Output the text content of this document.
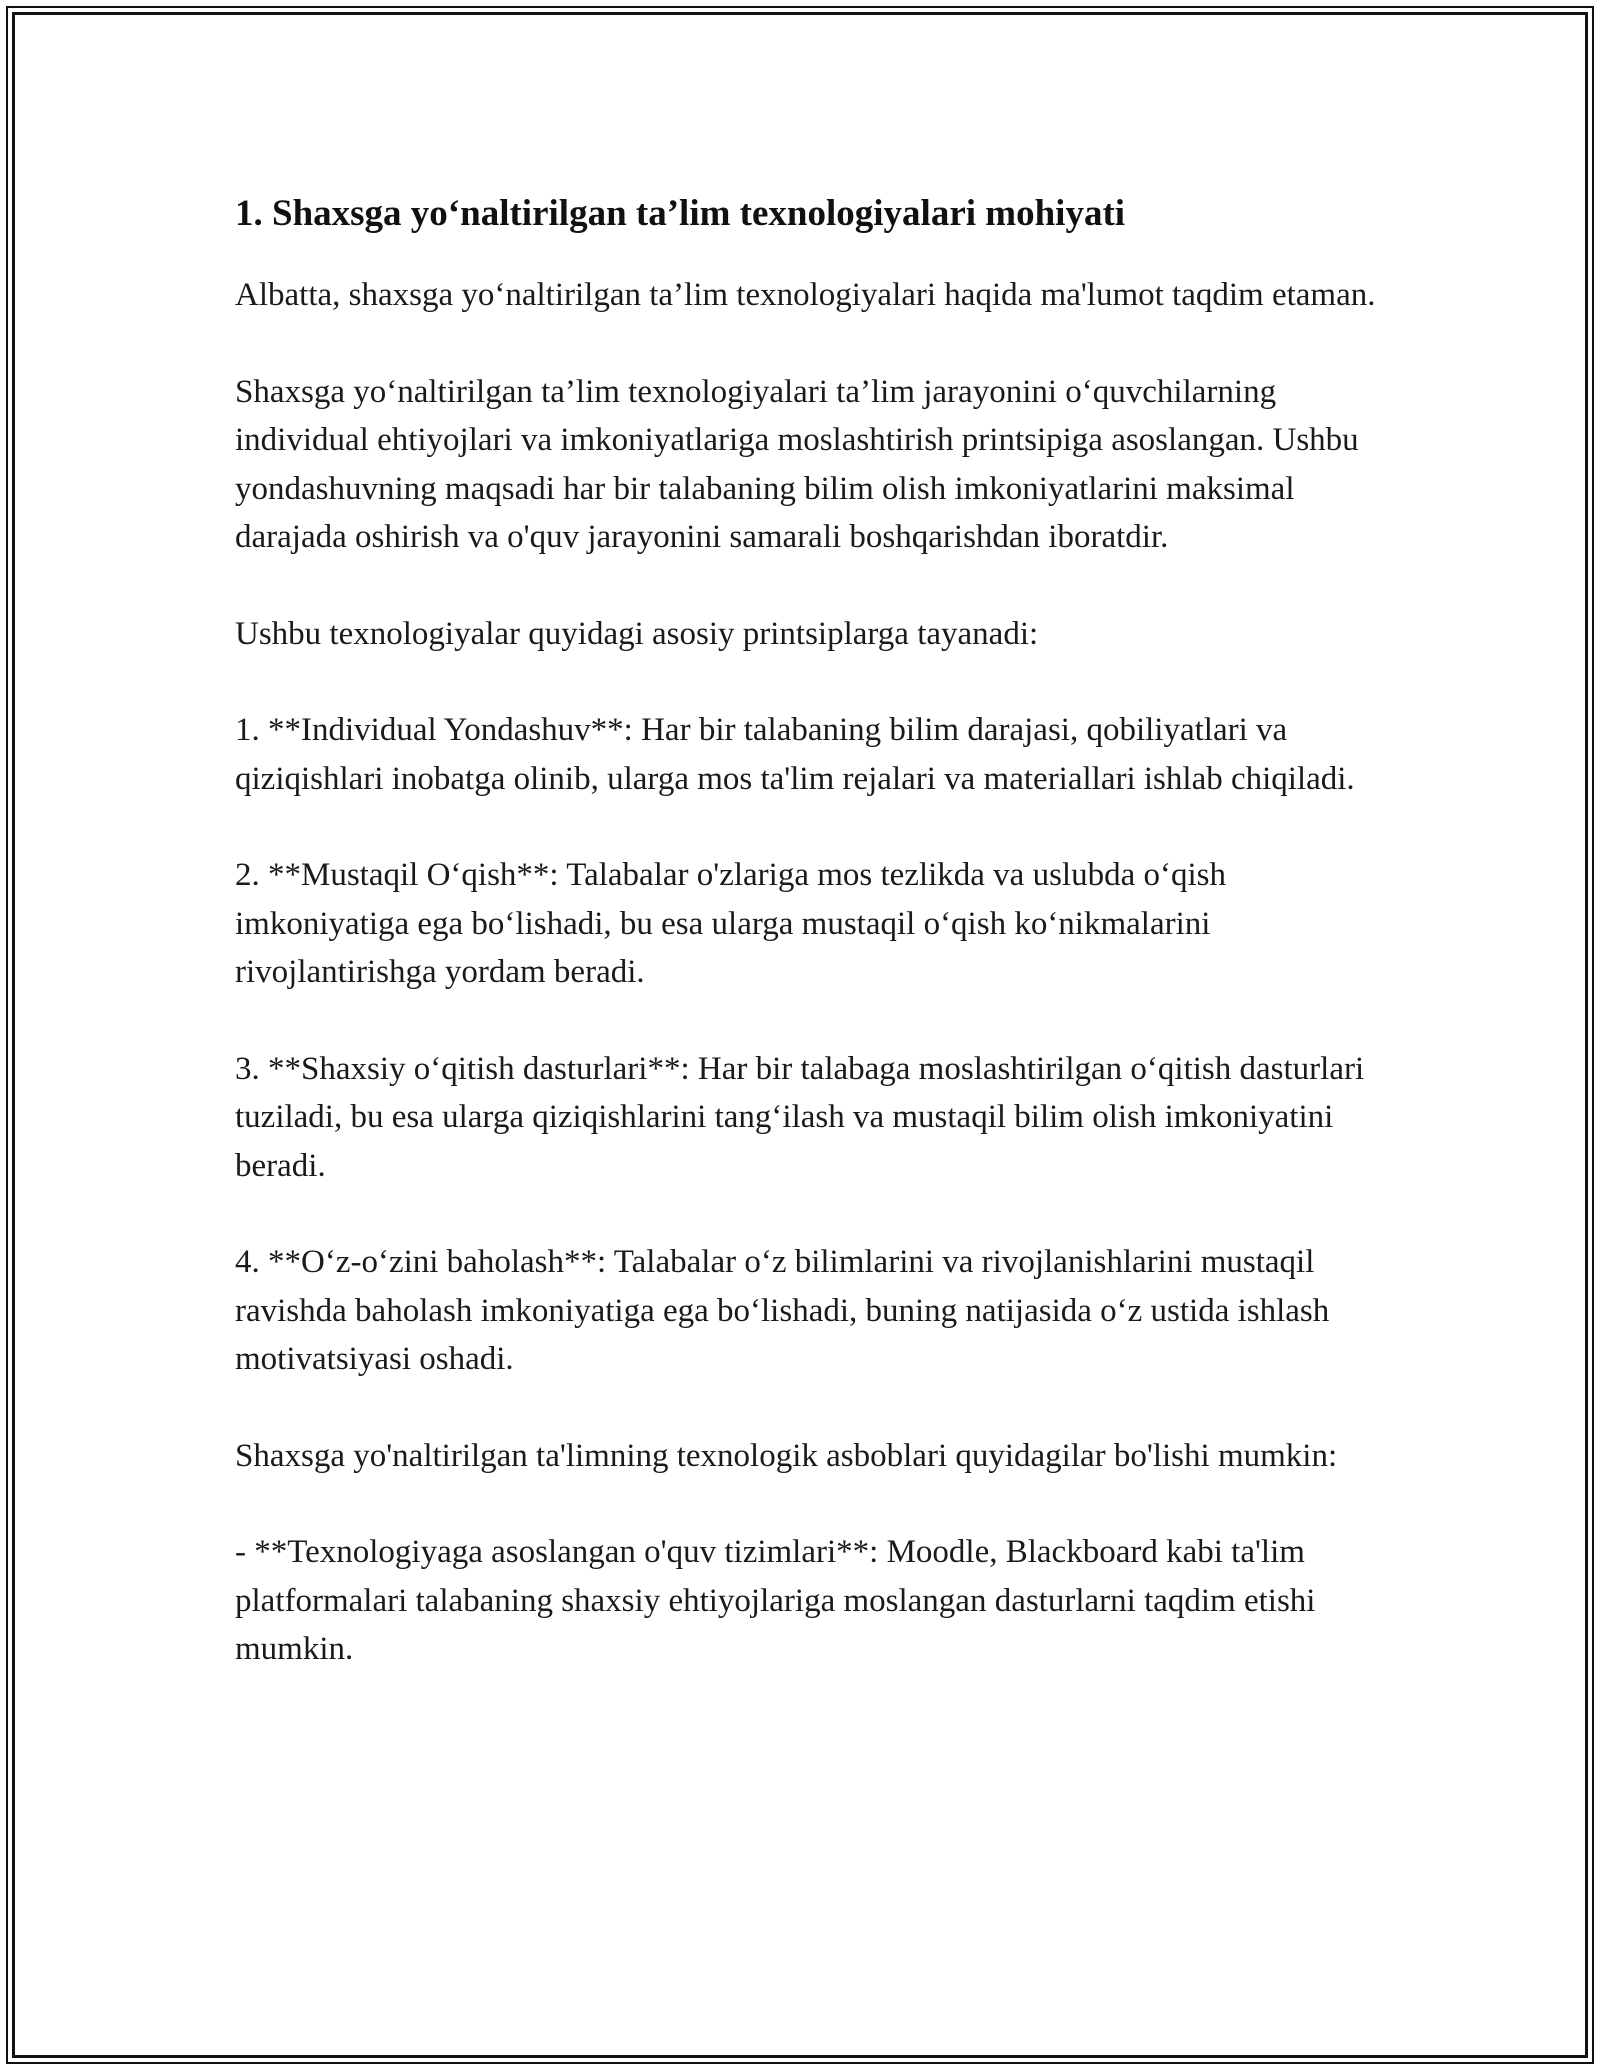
1. Shaxsga yo‘naltirilgan ta’lim texnologiyalari mohiyati

Albatta, shaxsga yo‘naltirilgan ta’lim texnologiyalari haqida ma'lumot taqdim etaman.

Shaxsga yo‘naltirilgan ta’lim texnologiyalari ta’lim jarayonini o‘quvchilarning individual ehtiyojlari va imkoniyatlariga moslashtirish printsipiga asoslangan. Ushbu yondashuvning maqsadi har bir talabaning bilim olish imkoniyatlarini maksimal darajada oshirish va o'quv jarayonini samarali boshqarishdan iboratdir.

Ushbu texnologiyalar quyidagi asosiy printsiplarga tayanadi:

1. **Individual Yondashuv**: Har bir talabaning bilim darajasi, qobiliyatlari va qiziqishlari inobatga olinib, ularga mos ta'lim rejalari va materiallari ishlab chiqiladi.

2. **Mustaqil O‘qish**: Talabalar o'zlariga mos tezlikda va uslubda o‘qish imkoniyatiga ega bo‘lishadi, bu esa ularga mustaqil o‘qish ko‘nikmalarini rivojlantirishga yordam beradi.

3. **Shaxsiy o‘qitish dasturlari**: Har bir talabaga moslashtirilgan o‘qitish dasturlari tuziladi, bu esa ularga qiziqishlarini tang‘ilash va mustaqil bilim olish imkoniyatini beradi.

4. **O‘z-o‘zini baholash**: Talabalar o‘z bilimlarini va rivojlanishlarini mustaqil ravishda baholash imkoniyatiga ega bo‘lishadi, buning natijasida o‘z ustida ishlash motivatsiyasi oshadi.

Shaxsga yo'naltirilgan ta'limning texnologik asboblari quyidagilar bo'lishi mumkin:

- **Texnologiyaga asoslangan o'quv tizimlari**: Moodle, Blackboard kabi ta'lim platformalari talabaning shaxsiy ehtiyojlariga moslangan dasturlarni taqdim etishi mumkin.
